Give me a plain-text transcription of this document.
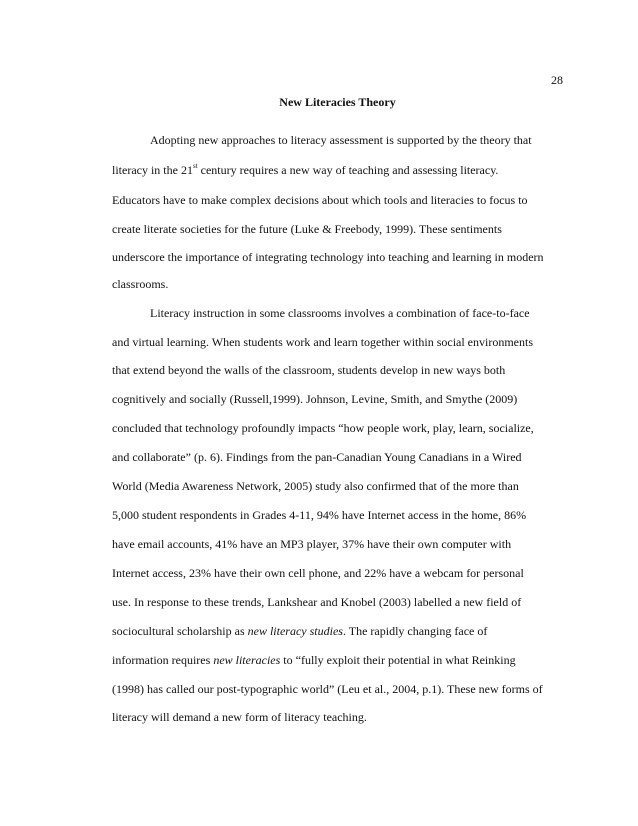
28
New Literacies Theory
Adopting new approaches to literacy assessment is supported by the theory that
literacy in the 21st century requires a new way of teaching and assessing literacy.
Educators have to make complex decisions about which tools and literacies to focus to
create literate societies for the future (Luke & Freebody, 1999). These sentiments
underscore the importance of integrating technology into teaching and learning in modern
classrooms.
Literacy instruction in some classrooms involves a combination of face-to-face
and virtual learning. When students work and learn together within social environments
that extend beyond the walls of the classroom, students develop in new ways both
cognitively and socially (Russell,1999). Johnson, Levine, Smith, and Smythe (2009)
concluded that technology profoundly impacts “how people work, play, learn, socialize,
and collaborate” (p. 6). Findings from the pan-Canadian Young Canadians in a Wired
World (Media Awareness Network, 2005) study also confirmed that of the more than
5,000 student respondents in Grades 4-11, 94% have Internet access in the home, 86%
have email accounts, 41% have an MP3 player, 37% have their own computer with
Internet access, 23% have their own cell phone, and 22% have a webcam for personal
use. In response to these trends, Lankshear and Knobel (2003) labelled a new field of
sociocultural scholarship as new literacy studies. The rapidly changing face of
information requires new literacies to “fully exploit their potential in what Reinking
(1998) has called our post-typographic world” (Leu et al., 2004, p.1). These new forms of
literacy will demand a new form of literacy teaching.
